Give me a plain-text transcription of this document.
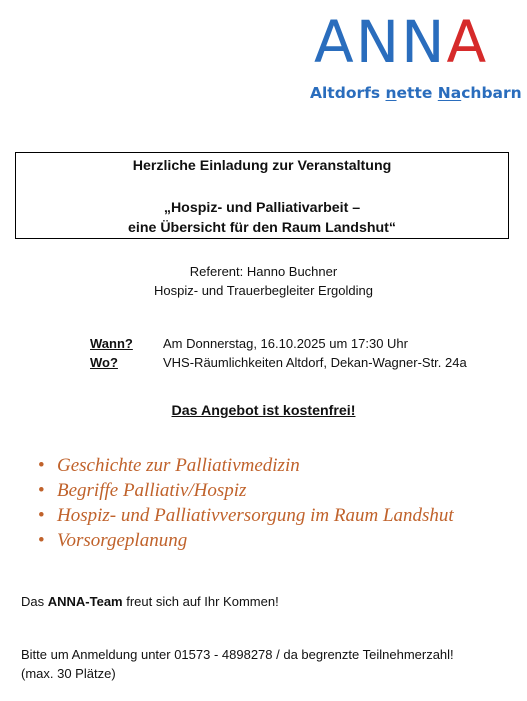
ANNA
Altdorfs nette Nachbarn
Herzliche Einladung zur Veranstaltung
„Hospiz- und Palliativarbeit –
eine Übersicht für den Raum Landshut“
Referent: Hanno Buchner
Hospiz- und Trauerbegleiter Ergolding
Wann?	Am Donnerstag, 16.10.2025 um 17:30 Uhr
Wo?	VHS-Räumlichkeiten Altdorf, Dekan-Wagner-Str. 24a
Das Angebot ist kostenfrei!
• Geschichte zur Palliativmedizin
• Begriffe Palliativ/Hospiz
• Hospiz- und Palliativversorgung im Raum Landshut
• Vorsorgeplanung
Das ANNA-Team freut sich auf Ihr Kommen!
Bitte um Anmeldung unter 01573 - 4898278 / da begrenzte Teilnehmerzahl!
(max. 30 Plätze)
